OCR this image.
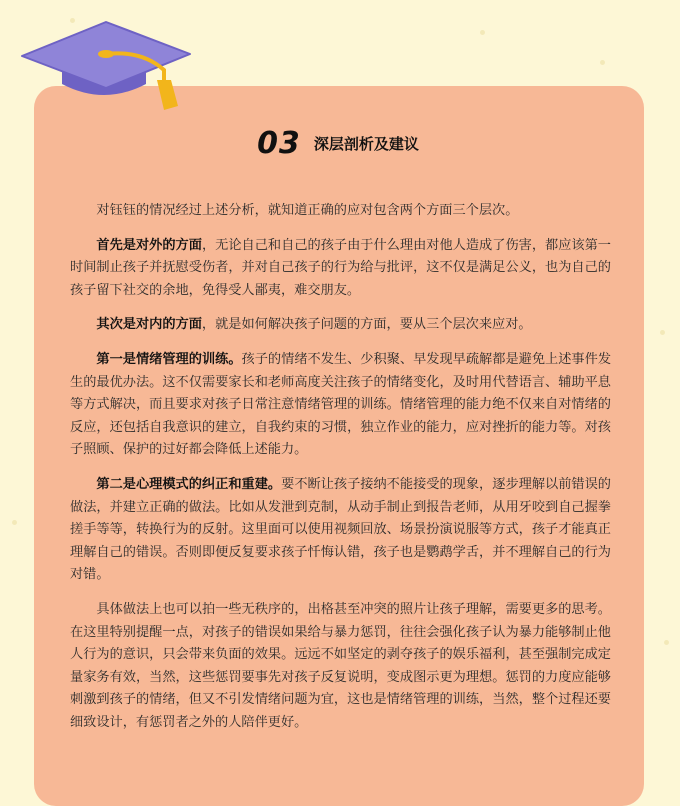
03 深层剖析及建议

对钰钰的情况经过上述分析，就知道正确的应对包含两个方面三个层次。

首先是对外的方面，无论自己和自己的孩子由于什么理由对他人造成了伤害，都应该第一时间制止孩子并抚慰受伤者，并对自己孩子的行为给与批评，这不仅是满足公义，也为自己的孩子留下社交的余地，免得受人鄙夷，难交朋友。

其次是对内的方面，就是如何解决孩子问题的方面，要从三个层次来应对。

第一是情绪管理的训练。孩子的情绪不发生、少积聚、早发现早疏解都是避免上述事件发生的最优办法。这不仅需要家长和老师高度关注孩子的情绪变化，及时用代替语言、辅助平息等方式解决，而且要求对孩子日常注意情绪管理的训练。情绪管理的能力绝不仅来自对情绪的反应，还包括自我意识的建立，自我约束的习惯，独立作业的能力，应对挫折的能力等。对孩子照顾、保护的过好都会降低上述能力。

第二是心理模式的纠正和重建。要不断让孩子接纳不能接受的现象，逐步理解以前错误的做法，并建立正确的做法。比如从发泄到克制，从动手制止到报告老师，从用牙咬到自己握拳搓手等等，转换行为的反射。这里面可以使用视频回放、场景扮演说服等方式，孩子才能真正理解自己的错误。否则即便反复要求孩子忏悔认错，孩子也是鹦鹉学舌，并不理解自己的行为对错。

具体做法上也可以拍一些无秩序的，出格甚至冲突的照片让孩子理解，需要更多的思考。在这里特别提醒一点，对孩子的错误如果给与暴力惩罚，往往会强化孩子认为暴力能够制止他人行为的意识，只会带来负面的效果。远远不如坚定的剥夺孩子的娱乐福利，甚至强制完成定量家务有效，当然，这些惩罚要事先对孩子反复说明，变成图示更为理想。惩罚的力度应能够刺激到孩子的情绪，但又不引发情绪问题为宜，这也是情绪管理的训练，当然，整个过程还要细致设计，有惩罚者之外的人陪伴更好。
